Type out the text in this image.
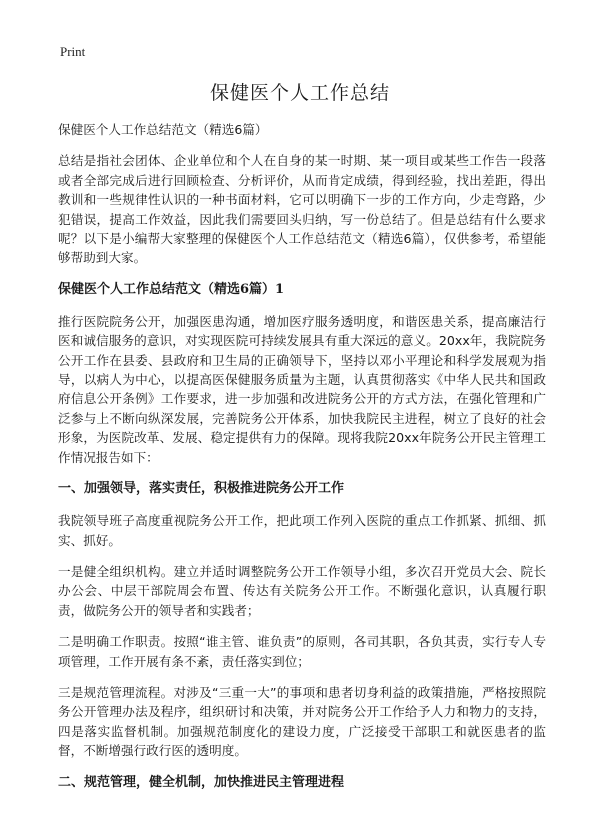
Print
保健医个人工作总结

保健医个人工作总结范文（精选6篇）

总结是指社会团体、企业单位和个人在自身的某一时期、某一项目或某些工作告一段落或者全部完成后进行回顾检查、分析评价，从而肯定成绩，得到经验，找出差距，得出教训和一些规律性认识的一种书面材料，它可以明确下一步的工作方向，少走弯路，少犯错误，提高工作效益，因此我们需要回头归纳，写一份总结了。但是总结有什么要求呢？以下是小编帮大家整理的保健医个人工作总结范文（精选6篇），仅供参考，希望能够帮助到大家。

保健医个人工作总结范文（精选6篇）1

推行医院院务公开，加强医患沟通，增加医疗服务透明度，和谐医患关系，提高廉洁行医和诚信服务的意识，对实现医院可持续发展具有重大深远的意义。20xx年，我院院务公开工作在县委、县政府和卫生局的正确领导下，坚持以邓小平理论和科学发展观为指导，以病人为中心，以提高医保健服务质量为主题，认真贯彻落实《中华人民共和国政府信息公开条例》工作要求，进一步加强和改进院务公开的方式方法，在强化管理和广泛参与上不断向纵深发展，完善院务公开体系，加快我院民主进程，树立了良好的社会形象，为医院改革、发展、稳定提供有力的保障。现将我院20xx年院务公开民主管理工作情况报告如下：

一、加强领导，落实责任，积极推进院务公开工作

我院领导班子高度重视院务公开工作，把此项工作列入医院的重点工作抓紧、抓细、抓实、抓好。

一是健全组织机构。建立并适时调整院务公开工作领导小组，多次召开党员大会、院长办公会、中层干部院周会布置、传达有关院务公开工作。不断强化意识，认真履行职责，做院务公开的领导者和实践者；

二是明确工作职责。按照“谁主管、谁负责”的原则，各司其职，各负其责，实行专人专项管理，工作开展有条不紊，责任落实到位；

三是规范管理流程。对涉及“三重一大”的事项和患者切身利益的政策措施，严格按照院务公开管理办法及程序，组织研讨和决策，并对院务公开工作给予人力和物力的支持，四是落实监督机制。加强规范制度化的建设力度，广泛接受干部职工和就医患者的监督，不断增强行政行医的透明度。

二、规范管理，健全机制，加快推进民主管理进程
